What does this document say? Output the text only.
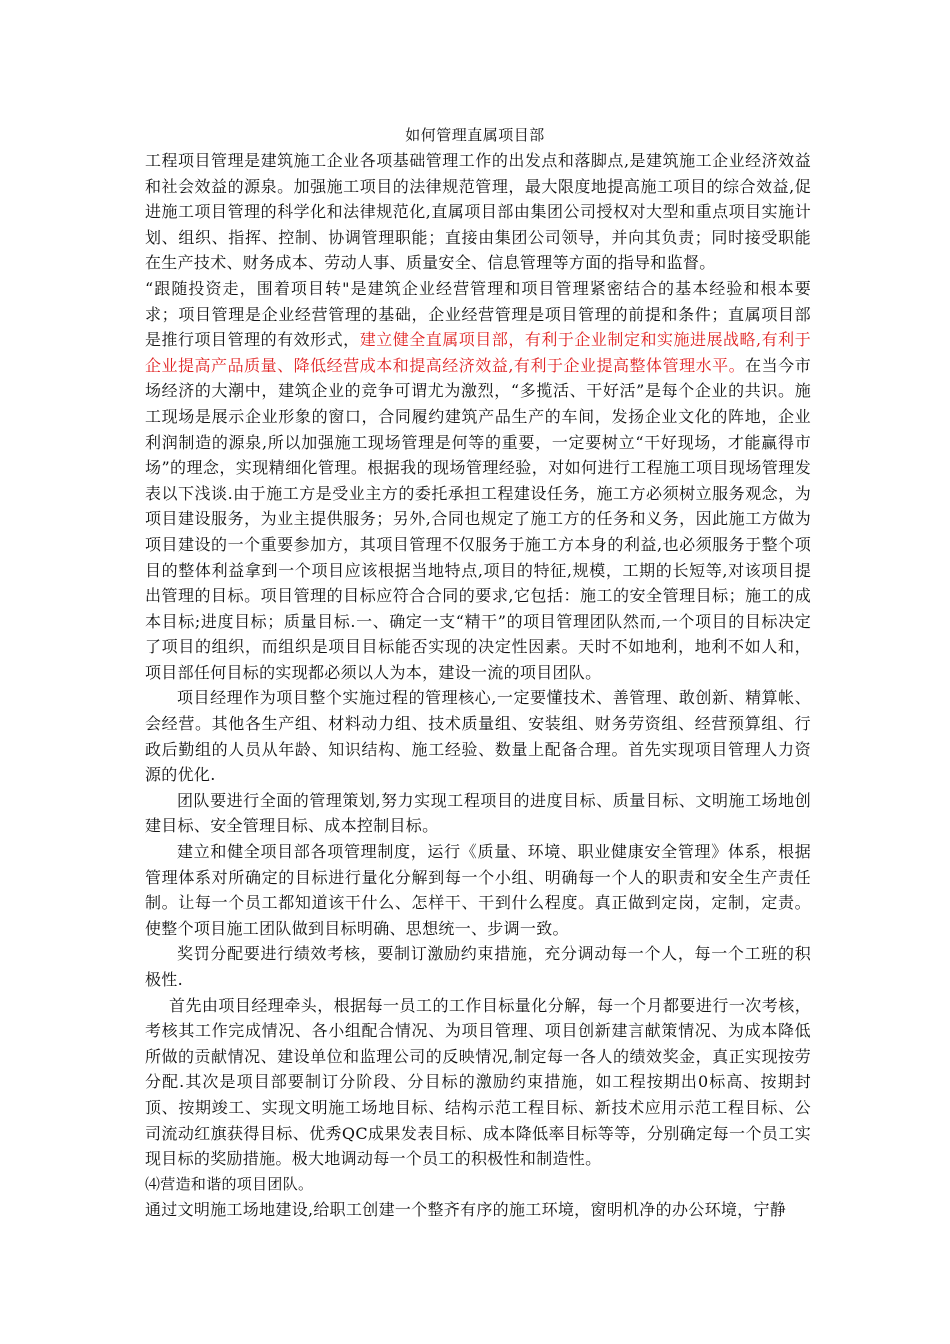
如何管理直属项目部

工程项目管理是建筑施工企业各项基础管理工作的出发点和落脚点,是建筑施工企业经济效益和社会效益的源泉。加强施工项目的法律规范管理，最大限度地提高施工项目的综合效益,促进施工项目管理的科学化和法律规范化,直属项目部由集团公司授权对大型和重点项目实施计划、组织、指挥、控制、协调管理职能；直接由集团公司领导，并向其负责；同时接受职能在生产技术、财务成本、劳动人事、质量安全、信息管理等方面的指导和监督。

“跟随投资走，围着项目转"是建筑企业经营管理和项目管理紧密结合的基本经验和根本要求；项目管理是企业经营管理的基础，企业经营管理是项目管理的前提和条件；直属项目部是推行项目管理的有效形式，建立健全直属项目部，有利于企业制定和实施进展战略,有利于企业提高产品质量、降低经营成本和提高经济效益,有利于企业提高整体管理水平。在当今市场经济的大潮中，建筑企业的竞争可谓尤为激烈，“多揽活、干好活”是每个企业的共识。施工现场是展示企业形象的窗口，合同履约建筑产品生产的车间，发扬企业文化的阵地，企业利润制造的源泉,所以加强施工现场管理是何等的重要，一定要树立“干好现场，才能赢得市场”的理念，实现精细化管理。根据我的现场管理经验，对如何进行工程施工项目现场管理发表以下浅谈.由于施工方是受业主方的委托承担工程建设任务，施工方必须树立服务观念，为项目建设服务，为业主提供服务；另外,合同也规定了施工方的任务和义务，因此施工方做为项目建设的一个重要参加方，其项目管理不仅服务于施工方本身的利益,也必须服务于整个项目的整体利益拿到一个项目应该根据当地特点,项目的特征,规模，工期的长短等,对该项目提出管理的目标。项目管理的目标应符合合同的要求,它包括：施工的安全管理目标；施工的成本目标;进度目标；质量目标.一、确定一支“精干”的项目管理团队然而,一个项目的目标决定了项目的组织，而组织是项目目标能否实现的决定性因素。天时不如地利，地利不如人和，项目部任何目标的实现都必须以人为本，建设一流的项目团队。

项目经理作为项目整个实施过程的管理核心,一定要懂技术、善管理、敢创新、精算帐、会经营。其他各生产组、材料动力组、技术质量组、安装组、财务劳资组、经营预算组、行政后勤组的人员从年龄、知识结构、施工经验、数量上配备合理。首先实现项目管理人力资源的优化.

团队要进行全面的管理策划,努力实现工程项目的进度目标、质量目标、文明施工场地创建目标、安全管理目标、成本控制目标。

建立和健全项目部各项管理制度，运行《质量、环境、职业健康安全管理》体系，根据管理体系对所确定的目标进行量化分解到每一个小组、明确每一个人的职责和安全生产责任制。让每一个员工都知道该干什么、怎样干、干到什么程度。真正做到定岗，定制，定责。使整个项目施工团队做到目标明确、思想统一、步调一致。

奖罚分配要进行绩效考核，要制订激励约束措施，充分调动每一个人，每一个工班的积极性.

首先由项目经理牵头，根据每一员工的工作目标量化分解，每一个月都要进行一次考核，考核其工作完成情况、各小组配合情况、为项目管理、项目创新建言献策情况、为成本降低所做的贡献情况、建设单位和监理公司的反映情况,制定每一各人的绩效奖金，真正实现按劳分配.其次是项目部要制订分阶段、分目标的激励约束措施，如工程按期出0标高、按期封顶、按期竣工、实现文明施工场地目标、结构示范工程目标、新技术应用示范工程目标、公司流动红旗获得目标、优秀QC成果发表目标、成本降低率目标等等，分别确定每一个员工实现目标的奖励措施。极大地调动每一个员工的积极性和制造性。

⑷营造和谐的项目团队。

通过文明施工场地建设,给职工创建一个整齐有序的施工环境，窗明机净的办公环境，宁静
